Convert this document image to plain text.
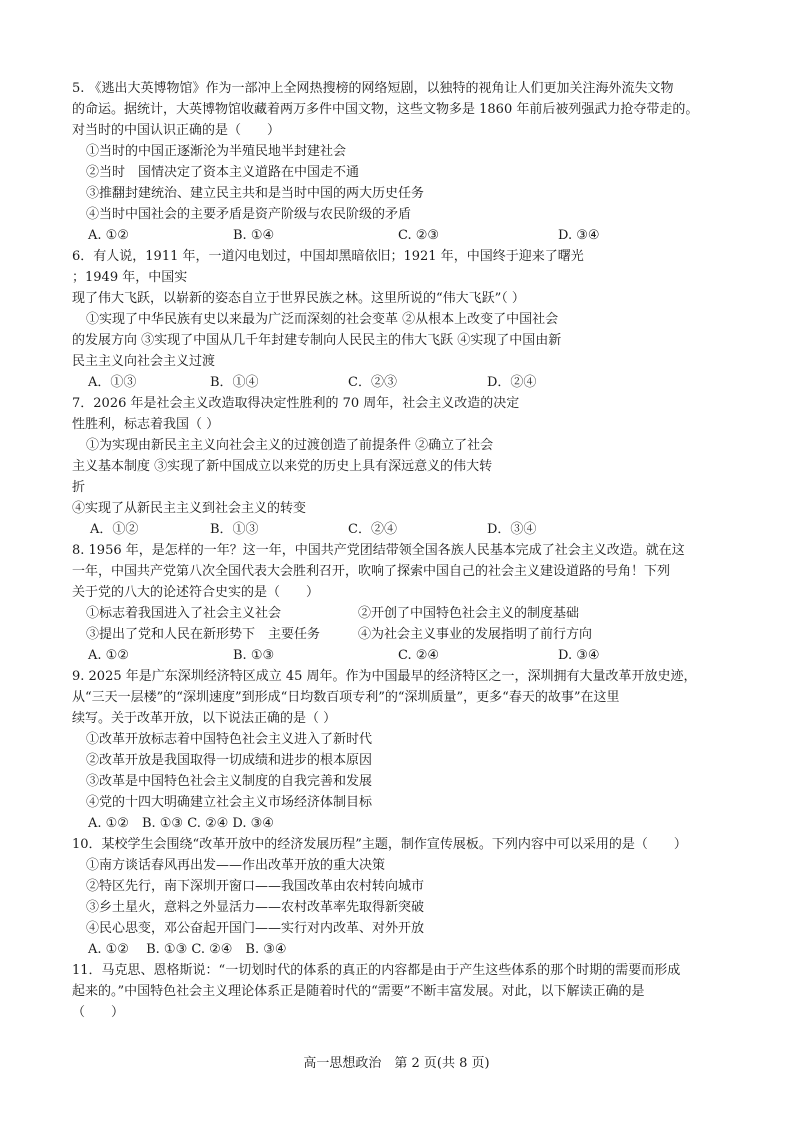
5. 《逃出大英博物馆》作为一部冲上全网热搜榜的网络短剧，以独特的视角让人们更加关注海外流失文物
的命运。据统计，大英博物馆收藏着两万多件中国文物，这些文物多是 1860 年前后被列强武力抢夺带走的。
对当时的中国认识正确的是（　　）
①当时的中国正逐渐沦为半殖民地半封建社会
②当时　国情决定了资本主义道路在中国走不通
③推翻封建统治、建立民主共和是当时中国的两大历史任务
④当时中国社会的主要矛盾是资产阶级与农民阶级的矛盾
A. ①②	B. ①④	C. ②③	D. ③④
6．有人说，1911 年，一道闪电划过，中国却黑暗依旧；1921 年，中国终于迎来了曙光
；1949 年，中国实
现了伟大飞跃，以崭新的姿态自立于世界民族之林。这里所说的“伟大飞跃”（ ）
①实现了中华民族有史以来最为广泛而深刻的社会变革 ②从根本上改变了中国社会
的发展方向 ③实现了中国从几千年封建专制向人民民主的伟大飞跃 ④实现了中国由新
民主主义向社会主义过渡
A．①③	B．①④	C．②③	D．②④
7．2026 年是社会主义改造取得决定性胜利的 70 周年，社会主义改造的决定
性胜利，标志着我国（ ）
①为实现由新民主主义向社会主义的过渡创造了前提条件 ②确立了社会
主义基本制度 ③实现了新中国成立以来党的历史上具有深远意义的伟大转
折
④实现了从新民主主义到社会主义的转变
A．①②	B．①③	C．②④	D．③④
8. 1956 年，是怎样的一年？这一年，中国共产党团结带领全国各族人民基本完成了社会主义改造。就在这
一年，中国共产党第八次全国代表大会胜利召开，吹响了探索中国自己的社会主义建设道路的号角！下列
关于党的八大的论述符合史实的是（　　）
①标志着我国进入了社会主义社会	②开创了中国特色社会主义的制度基础
③提出了党和人民在新形势下　主要任务	④为社会主义事业的发展指明了前行方向
A. ①②	B. ①③	C. ②④	D. ③④
9. 2025 年是广东深圳经济特区成立 45 周年。作为中国最早的经济特区之一，深圳拥有大量改革开放史迹，
从“三天一层楼”的“深圳速度”到形成“日均数百项专利”的“深圳质量”，更多“春天的故事”在这里
续写。关于改革开放，以下说法正确的是（ ）
①改革开放标志着中国特色社会主义进入了新时代
②改革开放是我国取得一切成绩和进步的根本原因
③改革是中国特色社会主义制度的自我完善和发展
④党的十四大明确建立社会主义市场经济体制目标
A. ①②　B. ①③ C. ②④ D. ③④
10．某校学生会围绕“改革开放中的经济发展历程”主题，制作宣传展板。下列内容中可以采用的是（　　）
①南方谈话春风再出发——作出改革开放的重大决策
②特区先行，南下深圳开窗口——我国改革由农村转向城市
③乡土星火，意料之外显活力——农村改革率先取得新突破
④民心思变，邓公奋起开国门——实行对内改革、对外开放
A. ①②　 B. ①③ C. ②④　B. ③④
11．马克思、恩格斯说：“一切划时代的体系的真正的内容都是由于产生这些体系的那个时期的需要而形成
起来的。”中国特色社会主义理论体系正是随着时代的“需要”不断丰富发展。对此，以下解读正确的是
（　　）
高一思想政治　第 2 页(共 8 页)
